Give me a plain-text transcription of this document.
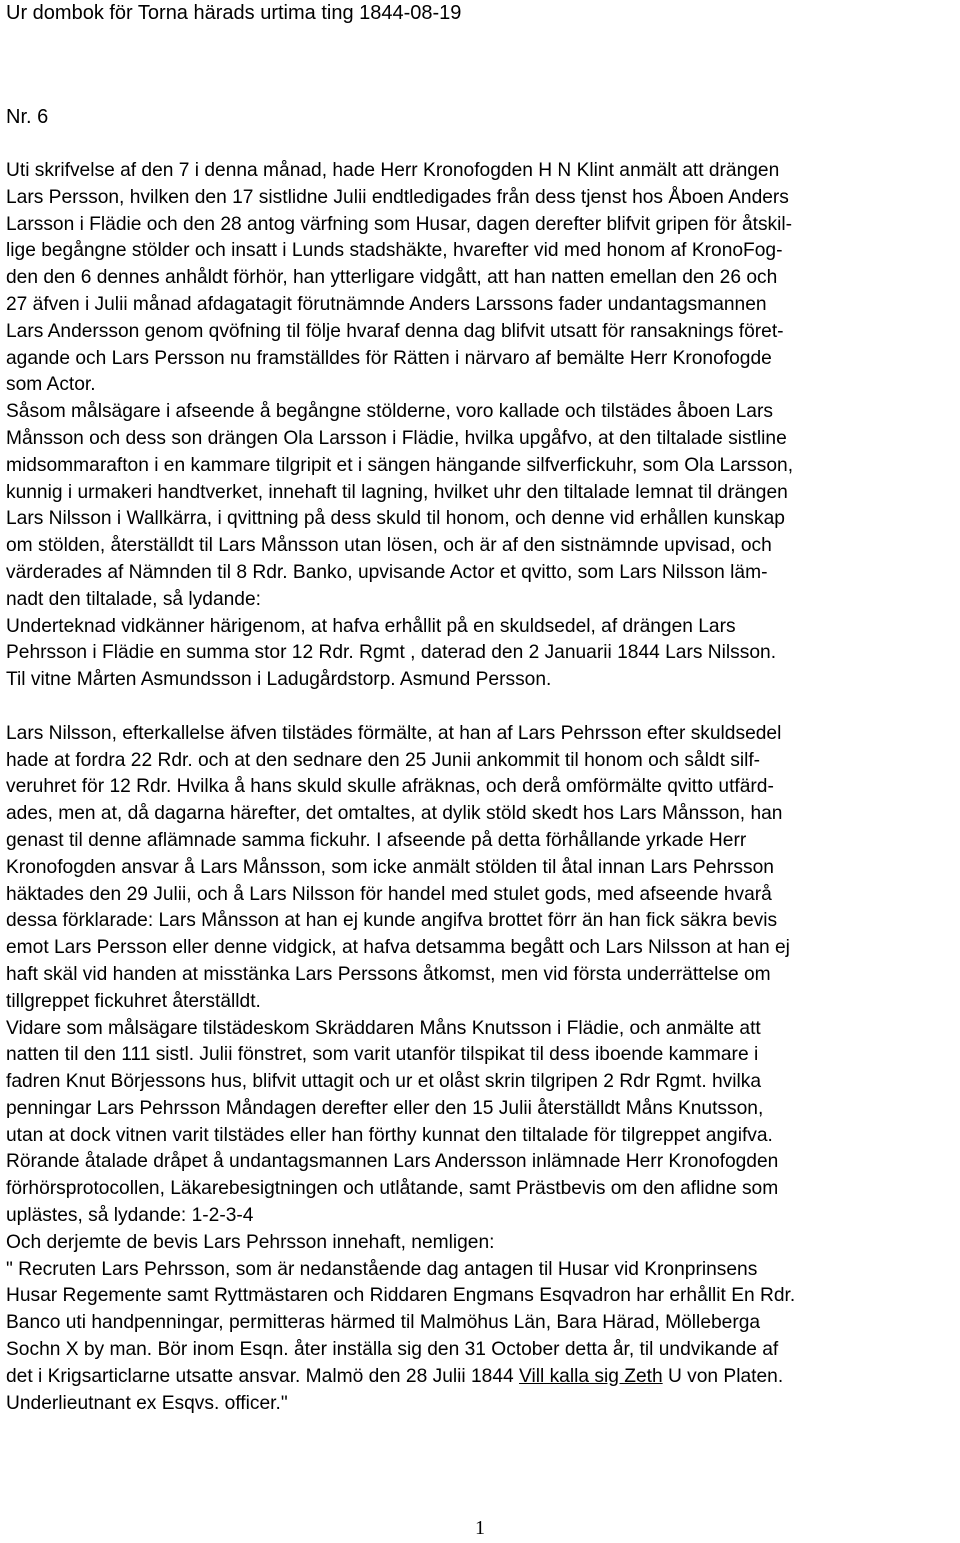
Ur dombok för Torna härads urtima ting 1844-08-19
Nr. 6
Uti skrifvelse af den 7 i denna månad, hade Herr Kronofogden H N Klint anmält att drängen
Lars Persson, hvilken den 17 sistlidne Julii endtledigades från dess tjenst hos Åboen Anders
Larsson i Flädie och den 28 antog värfning som Husar, dagen derefter blifvit gripen för åtskil-
lige begångne stölder och insatt i Lunds stadshäkte, hvarefter vid med honom af KronoFog-
den den 6 dennes anhåldt förhör, han ytterligare vidgått, att han natten emellan den 26 och
27 äfven i Julii månad afdagatagit förutnämnde Anders Larssons fader undantagsmannen
Lars Andersson genom qvöfning til följe hvaraf denna dag blifvit utsatt för ransaknings föret-
agande och Lars Persson nu framställdes för Rätten i närvaro af bemälte Herr Kronofogde
som Actor.
Såsom målsägare i afseende å begångne stölderne, voro kallade och tilstädes åboen Lars
Månsson och dess son drängen Ola Larsson i Flädie, hvilka upgåfvo, at den tiltalade sistline
midsommarafton i en kammare tilgripit et i sängen hängande silfverfickuhr, som Ola Larsson,
kunnig i urmakeri handtverket, innehaft til lagning, hvilket uhr den tiltalade lemnat til drängen
Lars Nilsson i Wallkärra, i qvittning på dess skuld til honom, och denne vid erhållen kunskap
om stölden, återställdt til Lars Månsson utan lösen, och är af den sistnämnde upvisad, och
värderades af Nämnden til 8 Rdr. Banko, upvisande Actor et qvitto, som Lars Nilsson läm-
nadt den tiltalade, så lydande:
Underteknad vidkänner härigenom, at hafva erhållit på en skuldsedel, af drängen Lars
Pehrsson i Flädie en summa stor 12 Rdr. Rgmt , daterad den 2 Januarii 1844 Lars Nilsson.
Til vitne Mårten Asmundsson i Ladugårdstorp. Asmund Persson.
Lars Nilsson, efterkallelse äfven tilstädes förmälte, at han af Lars Pehrsson efter skuldsedel
hade at fordra 22 Rdr. och at den sednare den 25 Junii ankommit til honom och såldt silf-
veruhret för 12 Rdr. Hvilka å hans skuld skulle afräknas, och derå omförmälte qvitto utfärd-
ades, men at, då dagarna härefter, det omtaltes, at dylik stöld skedt hos Lars Månsson, han
genast til denne aflämnade samma fickuhr. I afseende på detta förhållande yrkade Herr
Kronofogden ansvar å Lars Månsson, som icke anmält stölden til åtal innan Lars Pehrsson
häktades den 29 Julii, och å Lars Nilsson för handel med stulet gods, med afseende hvarå
dessa förklarade: Lars Månsson at han ej kunde angifva brottet förr än han fick säkra bevis
emot Lars Persson eller denne vidgick, at hafva detsamma begått och Lars Nilsson at han ej
haft skäl vid handen at misstänka Lars Perssons åtkomst, men vid första underrättelse om
tillgreppet fickuhret återställdt.
Vidare som målsägare tilstädeskom Skräddaren Måns Knutsson i Flädie, och anmälte att
natten til den 111 sistl. Julii fönstret, som varit utanför tilspikat til dess iboende kammare i
fadren Knut Börjessons hus, blifvit uttagit och ur et olåst skrin tilgripen 2 Rdr Rgmt. hvilka
penningar Lars Pehrsson Måndagen derefter eller den 15 Julii återställdt Måns Knutsson,
utan at dock vitnen varit tilstädes eller han förthy kunnat den tiltalade för tilgreppet angifva.
Rörande åtalade dråpet å undantagsmannen Lars Andersson inlämnade Herr Kronofogden
förhörsprotocollen, Läkarebesigtningen och utlåtande, samt Prästbevis om den aflidne som
uplästes, så lydande: 1-2-3-4
Och derjemte de bevis Lars Pehrsson innehaft, nemligen:
" Recruten Lars Pehrsson, som är nedanstående dag antagen til Husar vid Kronprinsens
Husar Regemente samt Ryttmästaren och Riddaren Engmans Esqvadron har erhållit En Rdr.
Banco uti handpenningar, permitteras härmed til Malmöhus Län, Bara Härad, Mölleberga
Sochn X by man. Bör inom Esqn. åter inställa sig den 31 October detta år, til undvikande af
det i Krigsarticlarne utsatte ansvar. Malmö den 28 Julii 1844 Vill kalla sig Zeth U von Platen.
Underlieutnant ex Esqvs. officer."
1
